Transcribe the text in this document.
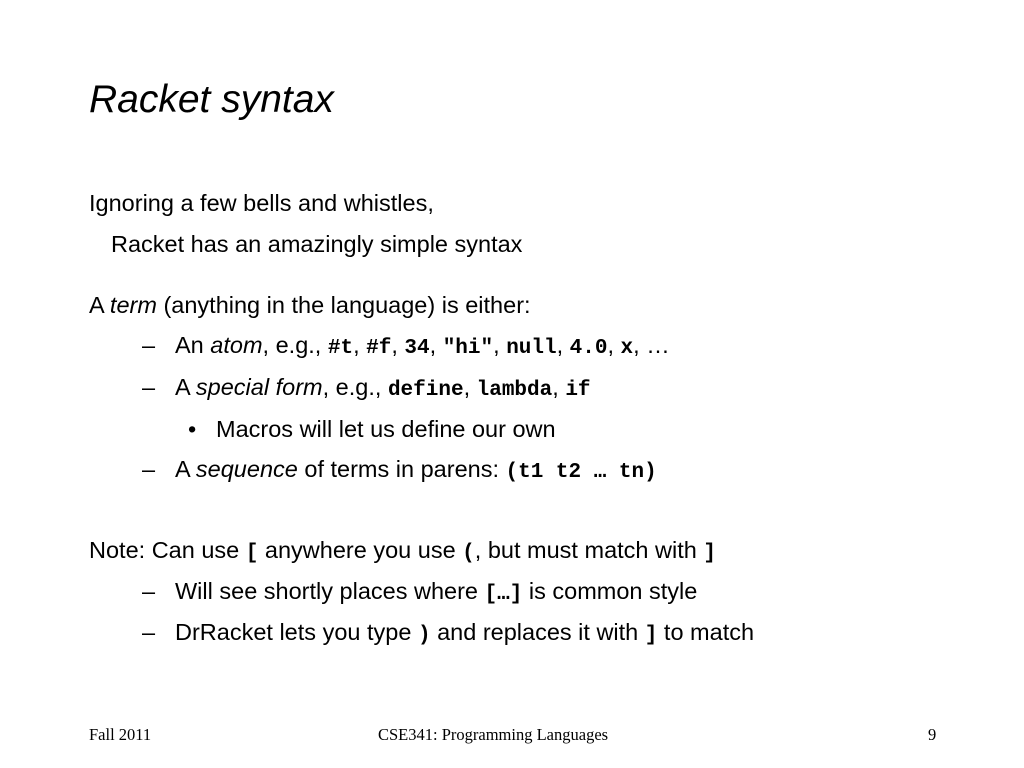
Racket syntax
Ignoring a few bells and whistles,
Racket has an amazingly simple syntax
A term (anything in the language) is either:
– An atom, e.g., #t, #f, 34, "hi", null, 4.0, x, …
– A special form, e.g., define, lambda, if
• Macros will let us define our own
– A sequence of terms in parens: (t1 t2 … tn)
Note: Can use [ anywhere you use (, but must match with ]
– Will see shortly places where […] is common style
– DrRacket lets you type ) and replaces it with ] to match
Fall 2011	CSE341: Programming Languages	9
